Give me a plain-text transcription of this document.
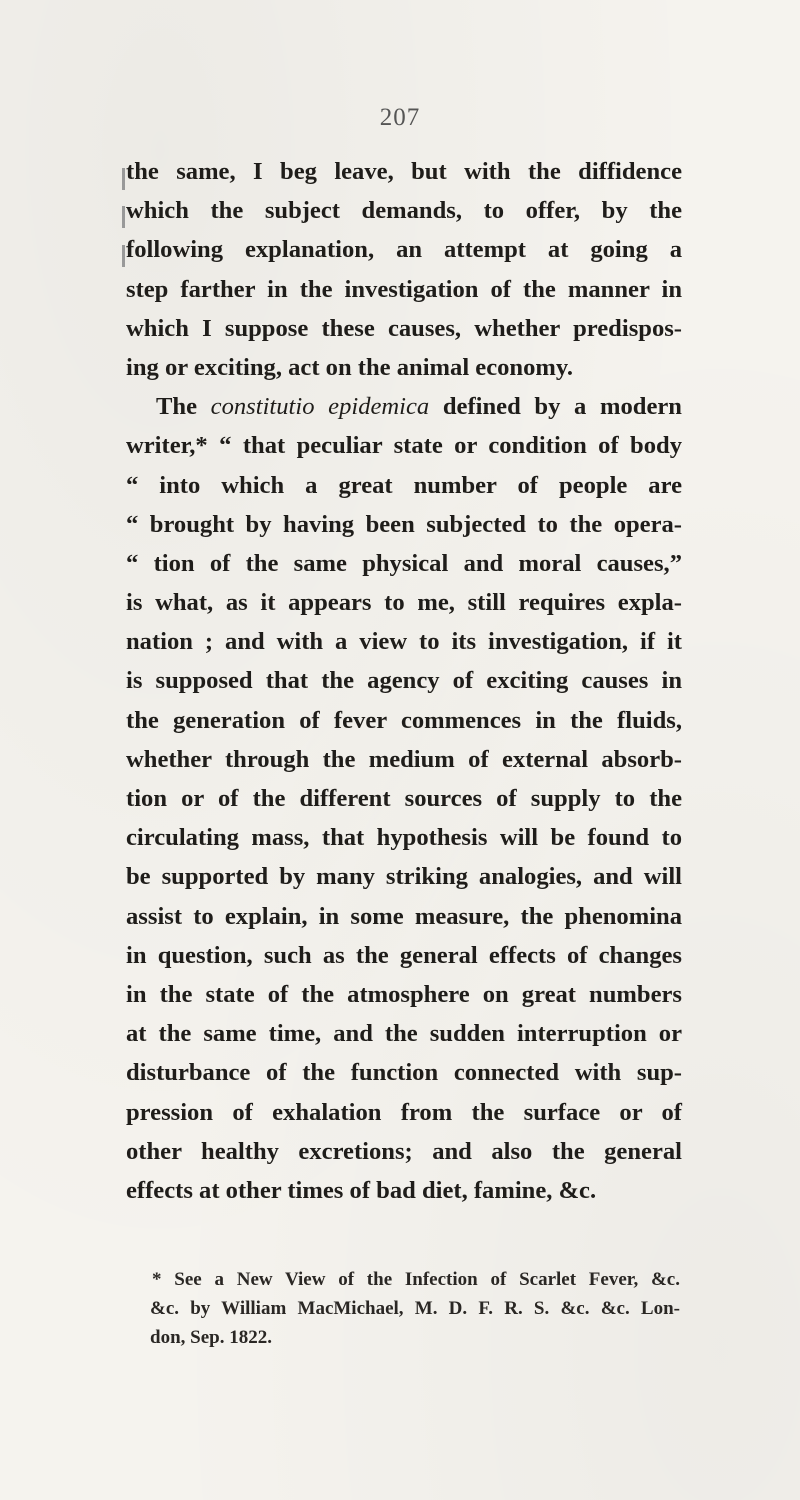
207
the same, I beg leave, but with the diffidence
which the subject demands, to offer, by the
following explanation, an attempt at going a
step farther in the investigation of the manner in
which I suppose these causes, whether predispos-
ing or exciting, act on the animal economy.
The constitutio epidemica defined by a modern
writer,* “ that peculiar state or condition of body
“ into which a great number of people are
“ brought by having been subjected to the opera-
“ tion of the same physical and moral causes,”
is what, as it appears to me, still requires expla-
nation ; and with a view to its investigation, if it
is supposed that the agency of exciting causes in
the generation of fever commences in the fluids,
whether through the medium of external absorb-
tion or of the different sources of supply to the
circulating mass, that hypothesis will be found to
be supported by many striking analogies, and will
assist to explain, in some measure, the phenomina
in question, such as the general effects of changes
in the state of the atmosphere on great numbers
at the same time, and the sudden interruption or
disturbance of the function connected with sup-
pression of exhalation from the surface or of
other healthy excretions; and also the general
effects at other times of bad diet, famine, &c.
* See a New View of the Infection of Scarlet Fever, &c.
&c. by William MacMichael, M. D. F. R. S. &c. &c. Lon-
don, Sep. 1822.
